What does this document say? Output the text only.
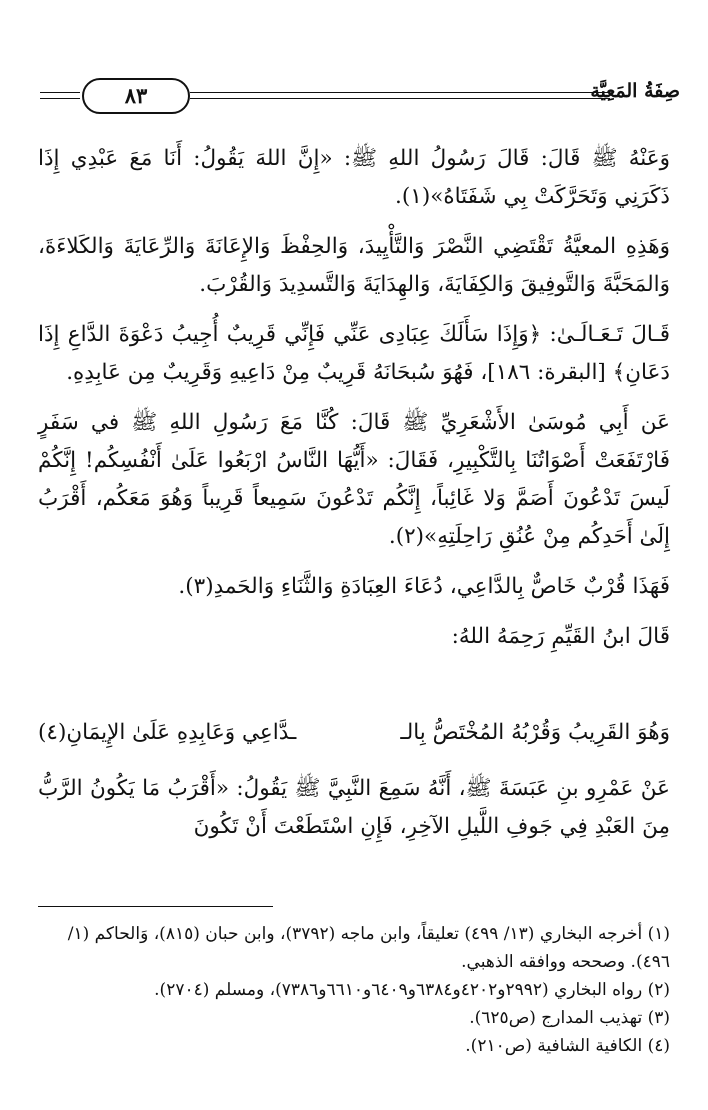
٨٣	صِفَةُ المَعِيَّة

وَعَنْهُ ﷺ قَالَ: قَالَ رَسُولُ اللهِ ﷺ: «إِنَّ اللهَ يَقُولُ: أَنَا مَعَ عَبْدِي إِذَا ذَكَرَنِي وَتَحَرَّكَتْ بِي شَفَتَاهُ»(١).

وَهَذِهِ المعيَّةُ تَقْتَضِي النَّصْرَ وَالتَّأْيِيدَ، وَالحِفْظَ وَالإِعَانَةَ وَالرِّعَايَةَ وَالكَلاءَةَ، وَالمَحَبَّةَ وَالتَّوفِيقَ وَالكِفَايَةَ، وَالهِدَايَةَ وَالتَّسدِيدَ وَالقُرْبَ.

قَـالَ تَـعَـالَـىٰ: ﴿وَإِذَا سَأَلَكَ عِبَادِى عَنِّي فَإِنِّي قَرِيبٌ أُجِيبُ دَعْوَةَ الدَّاعِ إِذَا دَعَانِ﴾ [البقرة: ١٨٦]، فَهُوَ سُبحَانَهُ قَرِيبٌ مِنْ دَاعِيهِ وَقَرِيبٌ مِن عَابِدِهِ.

عَن أَبِي مُوسَىٰ الأَشْعَرِيِّ ﷺ قَالَ: كُنَّا مَعَ رَسُولِ اللهِ ﷺ في سَفَرٍ فَارْتَفَعَتْ أَصْوَاتُنَا بِالتَّكْبِيرِ، فَقَالَ: «أَيُّهَا النَّاسُ ارْبَعُوا عَلَىٰ أَنْفُسِكُم! إِنَّكُمْ لَيسَ تَدْعُونَ أَصَمَّ وَلا غَائِباً، إِنَّكُم تَدْعُونَ سَمِيعاً قَرِيباً وَهُوَ مَعَكُم، أَقْرَبُ إِلَىٰ أَحَدِكُم مِنْ عُنُقِ رَاحِلَتِهِ»(٢).

فَهَذَا قُرْبٌ خَاصٌّ بِالدَّاعِي، دُعَاءَ العِبَادَةِ وَالثَّنَاءِ وَالحَمدِ(٣).

قَالَ ابنُ القَيِّمِ رَحِمَهُ اللهُ:

وَهُوَ القَرِيبُ وَقُرْبُهُ المُخْتَصُّ بِالـ
ـدَّاعِي وَعَابِدِهِ عَلَىٰ الإِيمَانِ(٤)

عَنْ عَمْرِو بنِ عَبَسَةَ ﷺ، أَنَّهُ سَمِعَ النَّبِيَّ ﷺ يَقُولُ: «أَقْرَبُ مَا يَكُونُ الرَّبُّ مِنَ العَبْدِ فِي جَوفِ اللَّيلِ الآخِرِ، فَإِنِ اسْتَطَعْتَ أَنْ تَكُونَ

(١) أخرجه البخاري (١٣/ ٤٩٩) تعليقاً، وابن ماجه (٣٧٩٢)، وابن حبان (٨١٥)، وَالحاكم (١/ ٤٩٦). وصححه ووافقه الذهبي.

(٢) رواه البخاري (٢٩٩٢و٤٢٠٢و٦٣٨٤و٦٤٠٩و٦٦١٠و٧٣٨٦)، ومسلم (٢٧٠٤).

(٣) تهذيب المدارج (ص٦٢٥).

(٤) الكافية الشافية (ص٢١٠).
